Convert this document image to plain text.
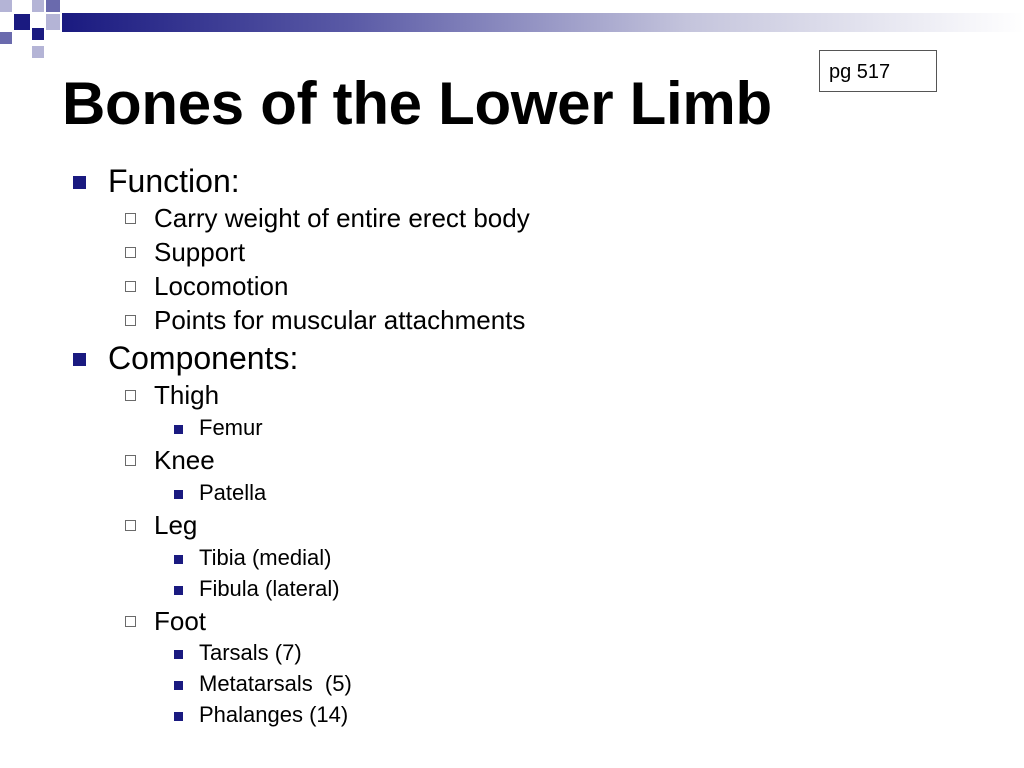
Bones of the Lower Limb	pg 517
Function:
Carry weight of entire erect body
Support
Locomotion
Points for muscular attachments
Components:
Thigh
Femur
Knee
Patella
Leg
Tibia (medial)
Fibula (lateral)
Foot
Tarsals (7)
Metatarsals  (5)
Phalanges (14)
